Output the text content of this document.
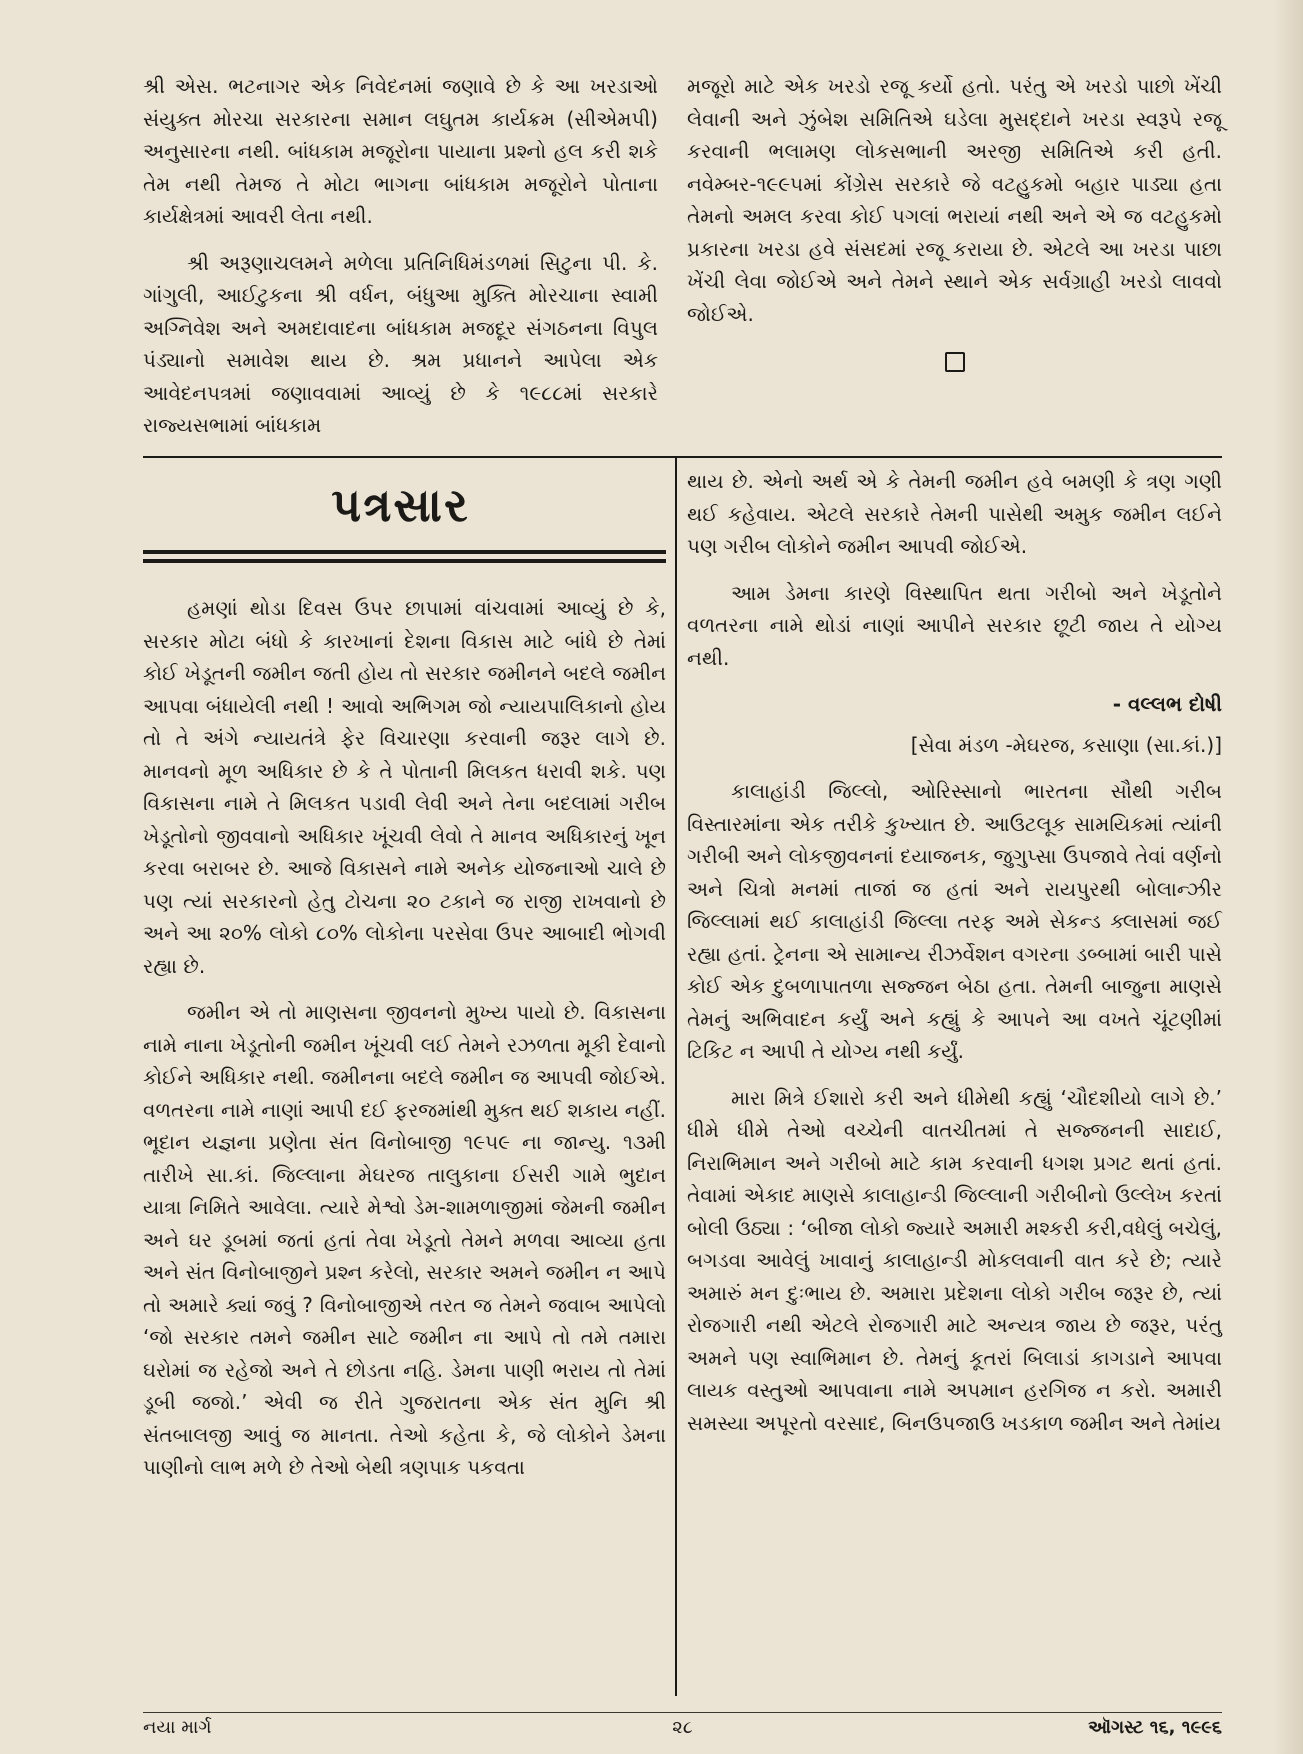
શ્રી એસ. ભટનાગર એક નિવેદનમાં જણાવે છે કે આ ખરડાઓ સંયુક્ત મોરચા સરકારના સમાન લઘુતમ કાર્યક્રમ (સીએમપી) અનુસારના નથી. બાંધકામ મજૂરોના પાયાના પ્રશ્નો હલ કરી શકે તેમ નથી તેમજ તે મોટા ભાગના બાંધકામ મજૂરોને પોતાના કાર્યક્ષેત્રમાં આવરી લેતા નથી.

શ્રી અરૂણાચલમને મળેલા પ્રતિનિધિમંડળમાં સિટુના પી. કે. ગાંગુલી, આઈટુકના શ્રી વર્ધન, બંધુઆ મુક્તિ મોરચાના સ્વામી અગ્નિવેશ અને અમદાવાદના બાંધકામ મજદૂર સંગઠનના વિપુલ પંડ્યાનો સમાવેશ થાય છે. શ્રમ પ્રધાનને આપેલા એક આવેદનપત્રમાં જણાવવામાં આવ્યું છે કે ૧૯૮૮માં સરકારે રાજ્યસભામાં બાંધકામ

મજૂરો માટે એક ખરડો રજૂ કર્યો હતો. પરંતુ એ ખરડો પાછો ખેંચી લેવાની અને ઝુંબેશ સમિતિએ ઘડેલા મુસદ્દાને ખરડા સ્વરૂપે રજૂ કરવાની ભલામણ લોકસભાની અરજી સમિતિએ કરી હતી. નવેમ્બર-૧૯૯૫માં કોંગ્રેસ સરકારે જે વટહુકમો બહાર પાડ્યા હતા તેમનો અમલ કરવા કોઈ પગલાં ભરાયાં નથી અને એ જ વટહુકમો પ્રકારના ખરડા હવે સંસદમાં રજૂ કરાયા છે. એટલે આ ખરડા પાછા ખેંચી લેવા જોઈએ અને તેમને સ્થાને એક સર્વગ્રાહી ખરડો લાવવો જોઈએ.

પત્રસાર

હમણાં થોડા દિવસ ઉપર છાપામાં વાંચવામાં આવ્યું છે કે, સરકાર મોટા બંધો કે કારખાનાં દેશના વિકાસ માટે બાંધે છે તેમાં કોઈ ખેડૂતની જમીન જતી હોય તો સરકાર જમીનને બદલે જમીન આપવા બંધાયેલી નથી ! આવો અભિગમ જો ન્યાયપાલિકાનો હોય તો તે અંગે ન્યાયતંત્રે ફેર વિચારણા કરવાની જરૂર લાગે છે. માનવનો મૂળ અધિકાર છે કે તે પોતાની મિલકત ધરાવી શકે. પણ વિકાસના નામે તે મિલકત પડાવી લેવી અને તેના બદલામાં ગરીબ ખેડૂતોનો જીવવાનો અધિકાર ખૂંચવી લેવો તે માનવ અધિકારનું ખૂન કરવા બરાબર છે. આજે વિકાસને નામે અનેક યોજનાઓ ચાલે છે પણ ત્યાં સરકારનો હેતુ ટોચના ૨૦ ટકાને જ રાજી રાખવાનો છે અને આ ૨૦% લોકો ૮૦% લોકોના પરસેવા ઉપર આબાદી ભોગવી રહ્યા છે.

જમીન એ તો માણસના જીવનનો મુખ્ય પાયો છે. વિકાસના નામે નાના ખેડૂતોની જમીન ખૂંચવી લઈ તેમને રઝળતા મૂકી દેવાનો કોઈને અધિકાર નથી. જમીનના બદલે જમીન જ આપવી જોઈએ. વળતરના નામે નાણાં આપી દઈ ફરજમાંથી મુક્ત થઈ શકાય નહીં. ભૂદાન યજ્ઞના પ્રણેતા સંત વિનોબાજી ૧૯૫૯ ના જાન્યુ. ૧૩મી તારીખે સા.કાં. જિલ્લાના મેઘરજ તાલુકાના ઈસરી ગામે ભુદાન યાત્રા નિમિતે આવેલા. ત્યારે મેશ્વો ડેમ-શામળાજીમાં જેમની જમીન અને ઘર ડૂબમાં જતાં હતાં તેવા ખેડૂતો તેમને મળવા આવ્યા હતા અને સંત વિનોબાજીને પ્રશ્ન કરેલો, સરકાર અમને જમીન ન આપે તો અમારે ક્યાં જવું ? વિનોબાજીએ તરત જ તેમને જવાબ આપેલો ‘જો સરકાર તમને જમીન સાટે જમીન ના આપે તો તમે તમારા ઘરોમાં જ રહેજો અને તે છોડતા નહિ. ડેમના પાણી ભરાય તો તેમાં ડૂબી જજો.’ એવી જ રીતે ગુજરાતના એક સંત મુનિ શ્રી સંતબાલજી આવું જ માનતા. તેઓ કહેતા કે, જે લોકોને ડેમના પાણીનો લાભ મળે છે તેઓ બેથી ત્રણપાક પકવતા

થાય છે. એનો અર્થ એ કે તેમની જમીન હવે બમણી કે ત્રણ ગણી થઈ કહેવાય. એટલે સરકારે તેમની પાસેથી અમુક જમીન લઈને પણ ગરીબ લોકોને જમીન આપવી જોઈએ.

આમ ડેમના કારણે વિસ્થાપિત થતા ગરીબો અને ખેડૂતોને વળતરના નામે થોડાં નાણાં આપીને સરકાર છૂટી જાય તે યોગ્ય નથી.

- વલ્લભ દોષી
[સેવા મંડળ -મેઘરજ, કસાણા (સા.કાં.)]

કાલાહાંડી જિલ્લો, ઓરિસ્સાનો ભારતના સૌથી ગરીબ વિસ્તારમાંના એક તરીકે કુખ્યાત છે. આઉટલૂક સામયિકમાં ત્યાંની ગરીબી અને લોકજીવનનાં દયાજનક, જુગુપ્સા ઉપજાવે તેવાં વર્ણનો અને ચિત્રો મનમાં તાજાં જ હતાં અને રાયપુરથી બોલાન્ઝીર જિલ્લામાં થઈ કાલાહાંડી જિલ્લા તરફ અમે સેકન્ડ ક્લાસમાં જઈ રહ્યા હતાં. ટ્રેનના એ સામાન્ય રીઝર્વેશન વગરના ડબ્બામાં બારી પાસે કોઈ એક દુબળાપાતળા સજ્જન બેઠા હતા. તેમની બાજુના માણસે તેમનું અભિવાદન કર્યું અને કહ્યું કે આપને આ વખતે ચૂંટણીમાં ટિકિટ ન આપી તે યોગ્ય નથી કર્યું.

મારા મિત્રે ઈશારો કરી અને ધીમેથી કહ્યું ‘ચૌદશીયો લાગે છે.’ ધીમે ધીમે તેઓ વચ્ચેની વાતચીતમાં તે સજ્જનની સાદાઈ, નિરાભિમાન અને ગરીબો માટે કામ કરવાની ધગશ પ્રગટ થતાં હતાં. તેવામાં એકાદ માણસે કાલાહાન્ડી જિલ્લાની ગરીબીનો ઉલ્લેખ કરતાં બોલી ઉઠ્યા : ‘બીજા લોકો જ્યારે અમારી મશ્કરી કરી,વધેલું બચેલું, બગડવા આવેલું ખાવાનું કાલાહાન્ડી મોકલવાની વાત કરે છે; ત્યારે અમારું મન દુઃભાય છે. અમારા પ્રદેશના લોકો ગરીબ જરૂર છે, ત્યાં રોજગારી નથી એટલે રોજગારી માટે અન્યત્ર જાય છે જરૂર, પરંતુ અમને પણ સ્વાભિમાન છે. તેમનું કૂતરાં બિલાડાં કાગડાને આપવા લાયક વસ્તુઓ આપવાના નામે અપમાન હરગિજ ન કરો. અમારી સમસ્યા અપૂરતો વરસાદ, બિનઉપજાઉ ખડકાળ જમીન અને તેમાંય

નયા માર્ગ	૨૮	ઑગસ્ટ ૧૬, ૧૯૯૬
